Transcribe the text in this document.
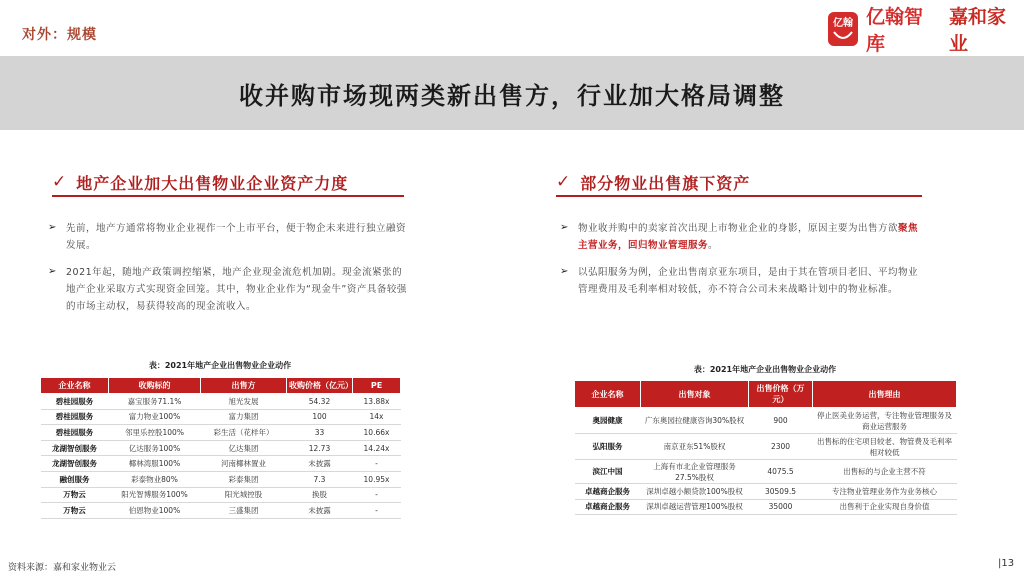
对外：规模
亿翰 亿翰智库
嘉和家业
收并购市场现两类新出售方，行业加大格局调整
✓ 地产企业加大出售物业企业资产力度
➢	先前，地产方通常将物业企业视作一个上市平台，便于物企未来进行独立融资发展。
➢	2021年起，随地产政策调控缩紧，地产企业现金流危机加剧。现金流紧张的地产企业采取方式实现资金回笼。其中，物业企业作为“现金牛”资产具备较强的市场主动权，易获得较高的现金流收入。
表：2021年地产企业出售物业企业动作
企业名称	收购标的	出售方	收购价格（亿元）	PE
碧桂园服务	嘉宝服务71.1%	旭光发展	54.32	13.88x
碧桂园服务	富力物业100%	富力集团	100	14x
碧桂园服务	邻里乐控股100%	彩生活（花样年）	33	10.66x
龙湖智创服务	亿达服务100%	亿达集团	12.73	14.24x
龙湖智创服务	椰林湾服100%	河南椰林置业	未披露	-
融创服务	彩泰物业80%	彩泰集团	7.3	10.95x
万物云	阳光智博服务100%	阳光城控股	换股	-
万物云	伯恩物业100%	三盛集团	未披露	-
✓ 部分物业出售旗下资产
➢	物业收并购中的卖家首次出现上市物业企业的身影，原因主要为出售方欲聚焦主营业务，回归物业管理服务。
➢	以弘阳服务为例，企业出售南京亚东项目，是由于其在管项目老旧、平均物业管理费用及毛利率相对较低，亦不符合公司未来战略计划中的物业标准。
表：2021年地产企业出售物业企业动作
企业名称	出售对象	出售价格（万元）	出售理由
奥园健康	广东奥园拉健康咨询30%股权	900	停止医美业务运营，专注物业管理服务及商业运营服务
弘阳服务	南京亚东51%股权	2300	出售标的住宅项目较老、物管费及毛利率相对较低
滨江中国	上海有市北企业管理服务27.5%股权	4075.5	出售标的与企业主营不符
卓越商企服务	深圳卓越小额贷款100%股权	30509.5	专注物业管理业务作为业务核心
卓越商企服务	深圳卓越运营管理100%股权	35000	出售利于企业实现自身价值
资料来源：嘉和家业物业云	|13
